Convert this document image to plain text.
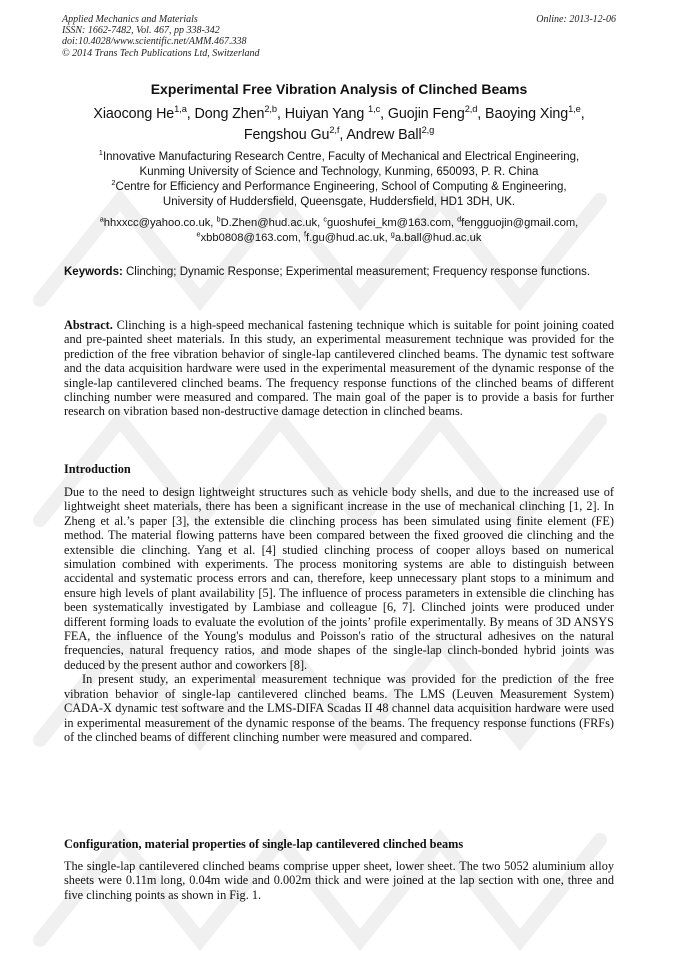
Applied Mechanics and Materials
ISSN: 1662-7482, Vol. 467, pp 338-342
doi:10.4028/www.scientific.net/AMM.467.338
© 2014 Trans Tech Publications Ltd, Switzerland
Online: 2013-12-06
Experimental Free Vibration Analysis of Clinched Beams
Xiaocong He$^{1,a}$, Dong Zhen$^{2,b}$, Huiyan Yang $^{1,c}$, Guojin Feng$^{2,d}$, Baoying Xing$^{1,e}$,
Fengshou Gu$^{2,f}$, Andrew Ball$^{2,g}$
$^1$Innovative Manufacturing Research Centre, Faculty of Mechanical and Electrical Engineering,
Kunming University of Science and Technology, Kunming, 650093, P. R. China
$^2$Centre for Efficiency and Performance Engineering, School of Computing & Engineering,
University of Huddersfield, Queensgate, Huddersfield, HD1 3DH, UK.
$^a$hhxxcc@yahoo.co.uk, $^b$D.Zhen@hud.ac.uk, $^c$guoshufei_km@163.com, $^d$fengguojin@gmail.com,
$^e$xbb0808@163.com, $^f$f.gu@hud.ac.uk, $^g$a.ball@hud.ac.uk
Keywords: Clinching; Dynamic Response; Experimental measurement; Frequency response functions.
Abstract. Clinching is a high-speed mechanical fastening technique which is suitable for point joining coated and pre-painted sheet materials. In this study, an experimental measurement technique was provided for the prediction of the free vibration behavior of single-lap cantilevered clinched beams. The dynamic test software and the data acquisition hardware were used in the experimental measurement of the dynamic response of the single-lap cantilevered clinched beams. The frequency response functions of the clinched beams of different clinching number were measured and compared. The main goal of the paper is to provide a basis for further research on vibration based non-destructive damage detection in clinched beams.
Introduction

Due to the need to design lightweight structures such as vehicle body shells, and due to the increased use of lightweight sheet materials, there has been a significant increase in the use of mechanical clinching [1, 2]. In Zheng et al.’s paper [3], the extensible die clinching process has been simulated using finite element (FE) method. The material flowing patterns have been compared between the fixed grooved die clinching and the extensible die clinching. Yang et al. [4] studied clinching process of cooper alloys based on numerical simulation combined with experiments. The process monitoring systems are able to distinguish between accidental and systematic process errors and can, therefore, keep unnecessary plant stops to a minimum and ensure high levels of plant availability [5]. The influence of process parameters in extensible die clinching has been systematically investigated by Lambiase and colleague [6, 7]. Clinched joints were produced under different forming loads to evaluate the evolution of the joints’ profile experimentally. By means of 3D ANSYS FEA, the influence of the Young's modulus and Poisson's ratio of the structural adhesives on the natural frequencies, natural frequency ratios, and mode shapes of the single-lap clinch-bonded hybrid joints was deduced by the present author and coworkers [8].

In present study, an experimental measurement technique was provided for the prediction of the free vibration behavior of single-lap cantilevered clinched beams. The LMS (Leuven Measurement System) CADA-X dynamic test software and the LMS-DIFA Scadas II 48 channel data acquisition hardware were used in experimental measurement of the dynamic response of the beams. The frequency response functions (FRFs) of the clinched beams of different clinching number were measured and compared.

Configuration, material properties of single-lap cantilevered clinched beams

The single-lap cantilevered clinched beams comprise upper sheet, lower sheet. The two 5052 aluminium alloy sheets were 0.11m long, 0.04m wide and 0.002m thick and were joined at the lap section with one, three and five clinching points as shown in Fig. 1.
